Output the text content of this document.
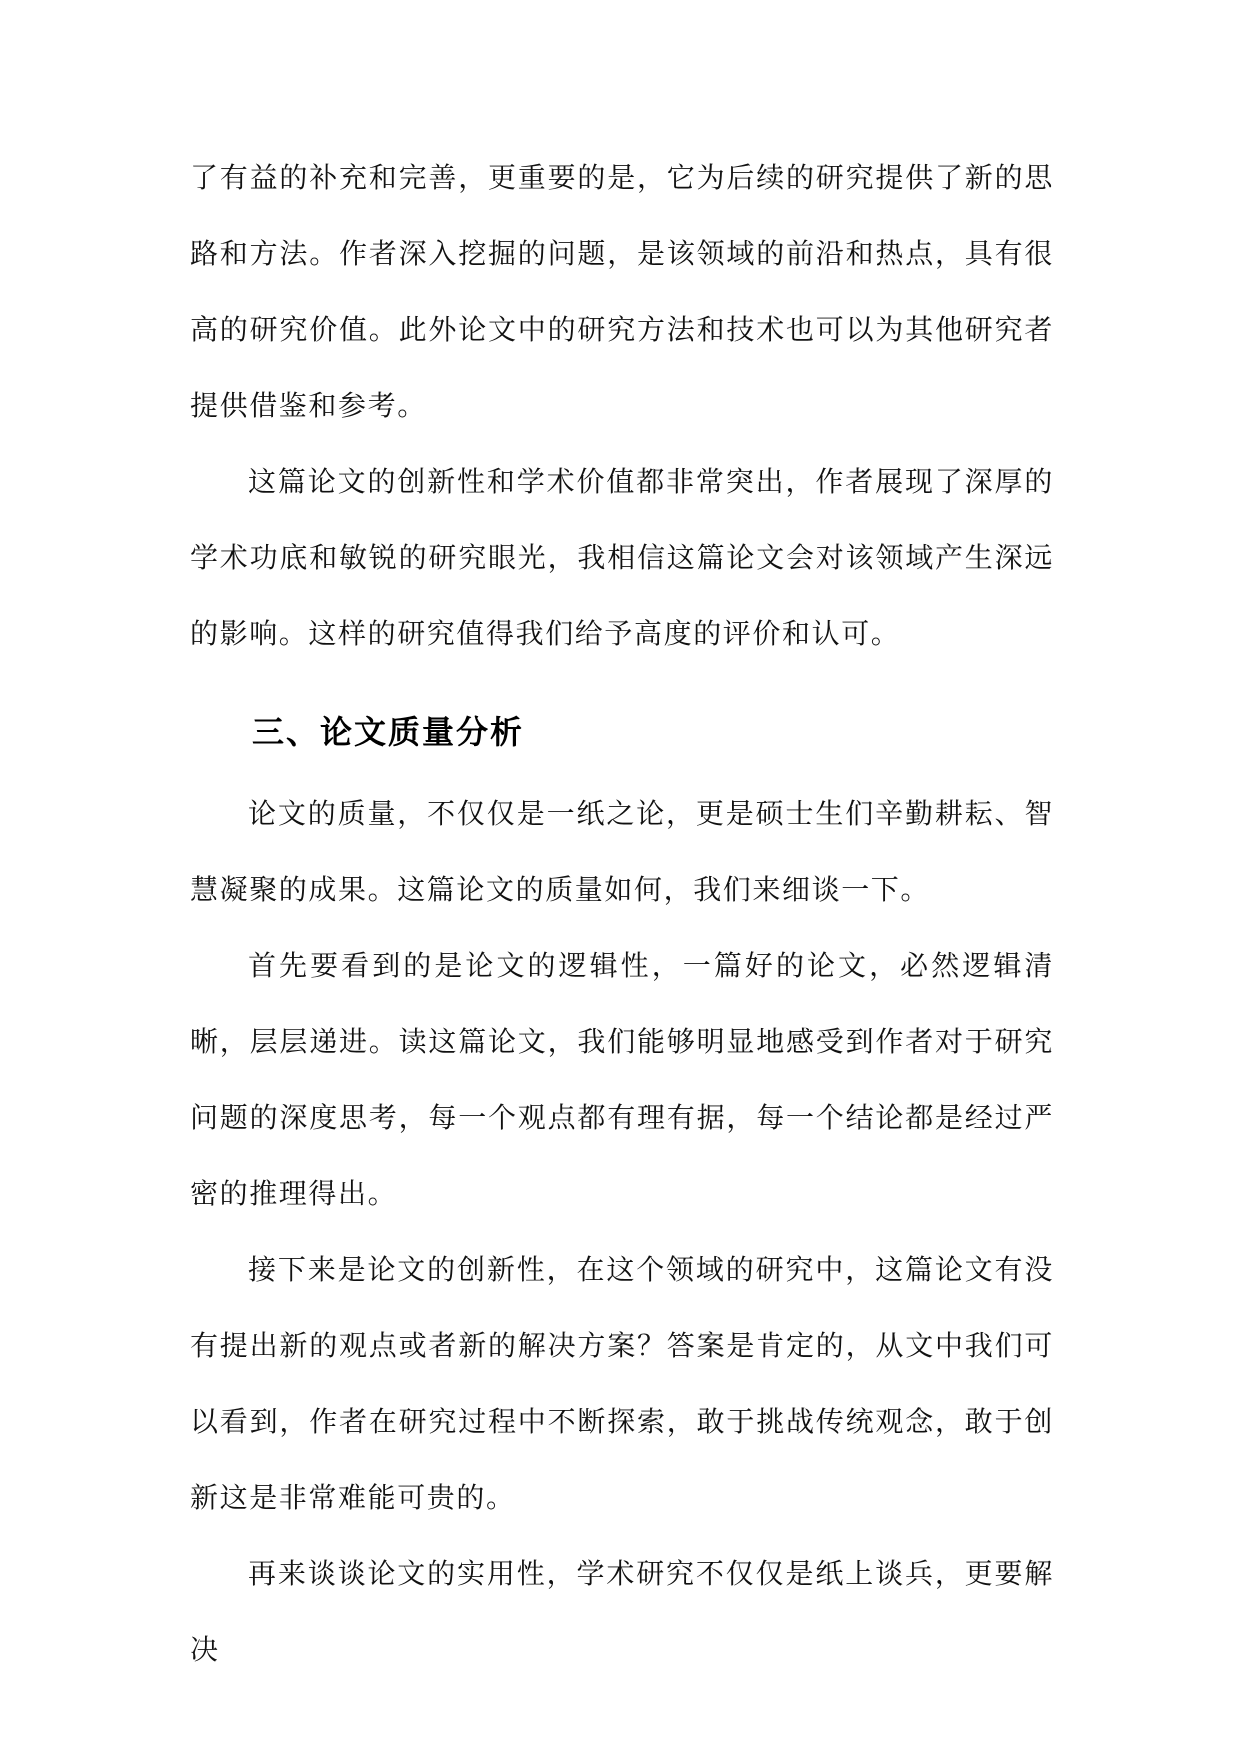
了有益的补充和完善，更重要的是，它为后续的研究提供了新的思路和方法。作者深入挖掘的问题，是该领域的前沿和热点，具有很高的研究价值。此外论文中的研究方法和技术也可以为其他研究者提供借鉴和参考。

这篇论文的创新性和学术价值都非常突出，作者展现了深厚的学术功底和敏锐的研究眼光，我相信这篇论文会对该领域产生深远的影响。这样的研究值得我们给予高度的评价和认可。

三、论文质量分析

论文的质量，不仅仅是一纸之论，更是硕士生们辛勤耕耘、智慧凝聚的成果。这篇论文的质量如何，我们来细谈一下。

首先要看到的是论文的逻辑性，一篇好的论文，必然逻辑清晰，层层递进。读这篇论文，我们能够明显地感受到作者对于研究问题的深度思考，每一个观点都有理有据，每一个结论都是经过严密的推理得出。

接下来是论文的创新性，在这个领域的研究中，这篇论文有没有提出新的观点或者新的解决方案？答案是肯定的，从文中我们可以看到，作者在研究过程中不断探索，敢于挑战传统观念，敢于创新这是非常难能可贵的。

再来谈谈论文的实用性，学术研究不仅仅是纸上谈兵，更要解决
